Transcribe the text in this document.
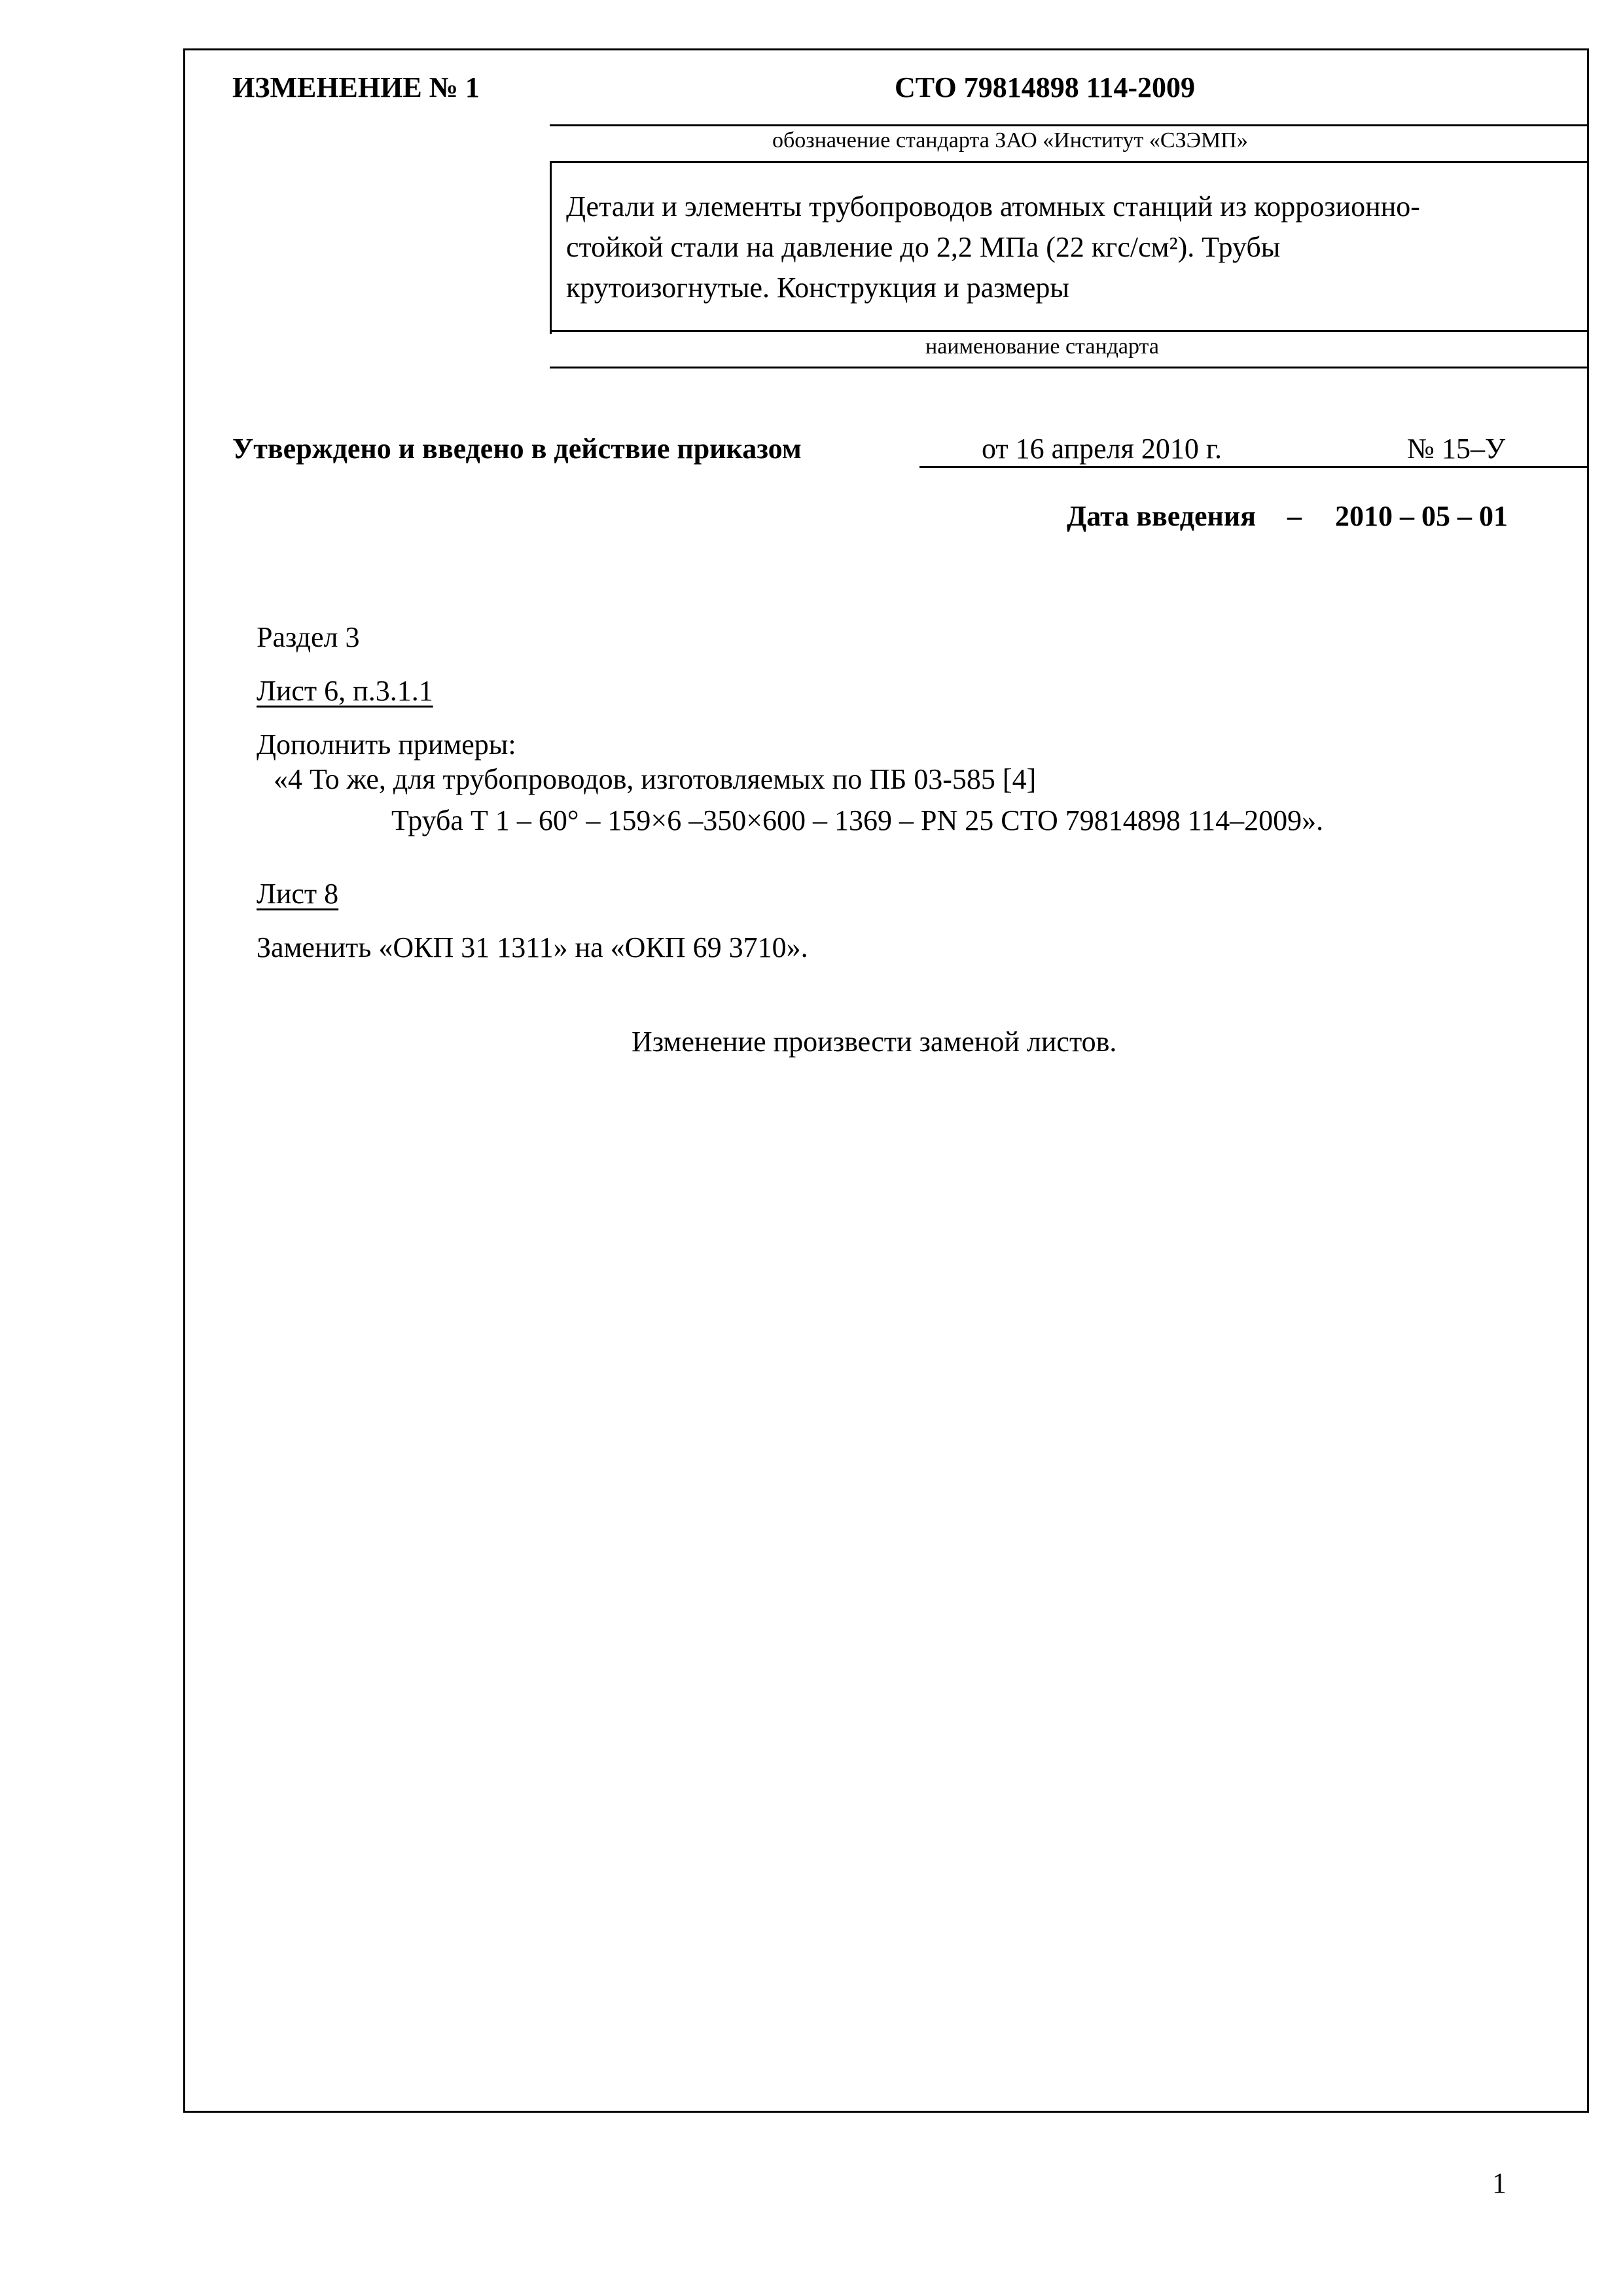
ИЗМЕНЕНИЕ № 1	СТО 79814898 114-2009
обозначение стандарта ЗАО «Институт «СЗЭМП»
Детали и элементы трубопроводов атомных станций из коррозионно-
стойкой стали на давление до 2,2 МПа (22 кгс/см²). Трубы
крутоизогнутые. Конструкция и размеры
наименование стандарта
Утверждено и введено в действие приказом	от 16 апреля 2010 г.	№ 15–У
Дата введения – 2010 – 05 – 01
Раздел 3
Лист 6, п.3.1.1
Дополнить примеры:
«4 То же, для трубопроводов, изготовляемых по ПБ 03-585 [4]
Труба Т 1 – 60° – 159×6 –350×600 – 1369 – PN 25 СТО 79814898 114–2009».
Лист 8
Заменить «ОКП 31 1311» на «ОКП 69 3710».
Изменение произвести заменой листов.
1
